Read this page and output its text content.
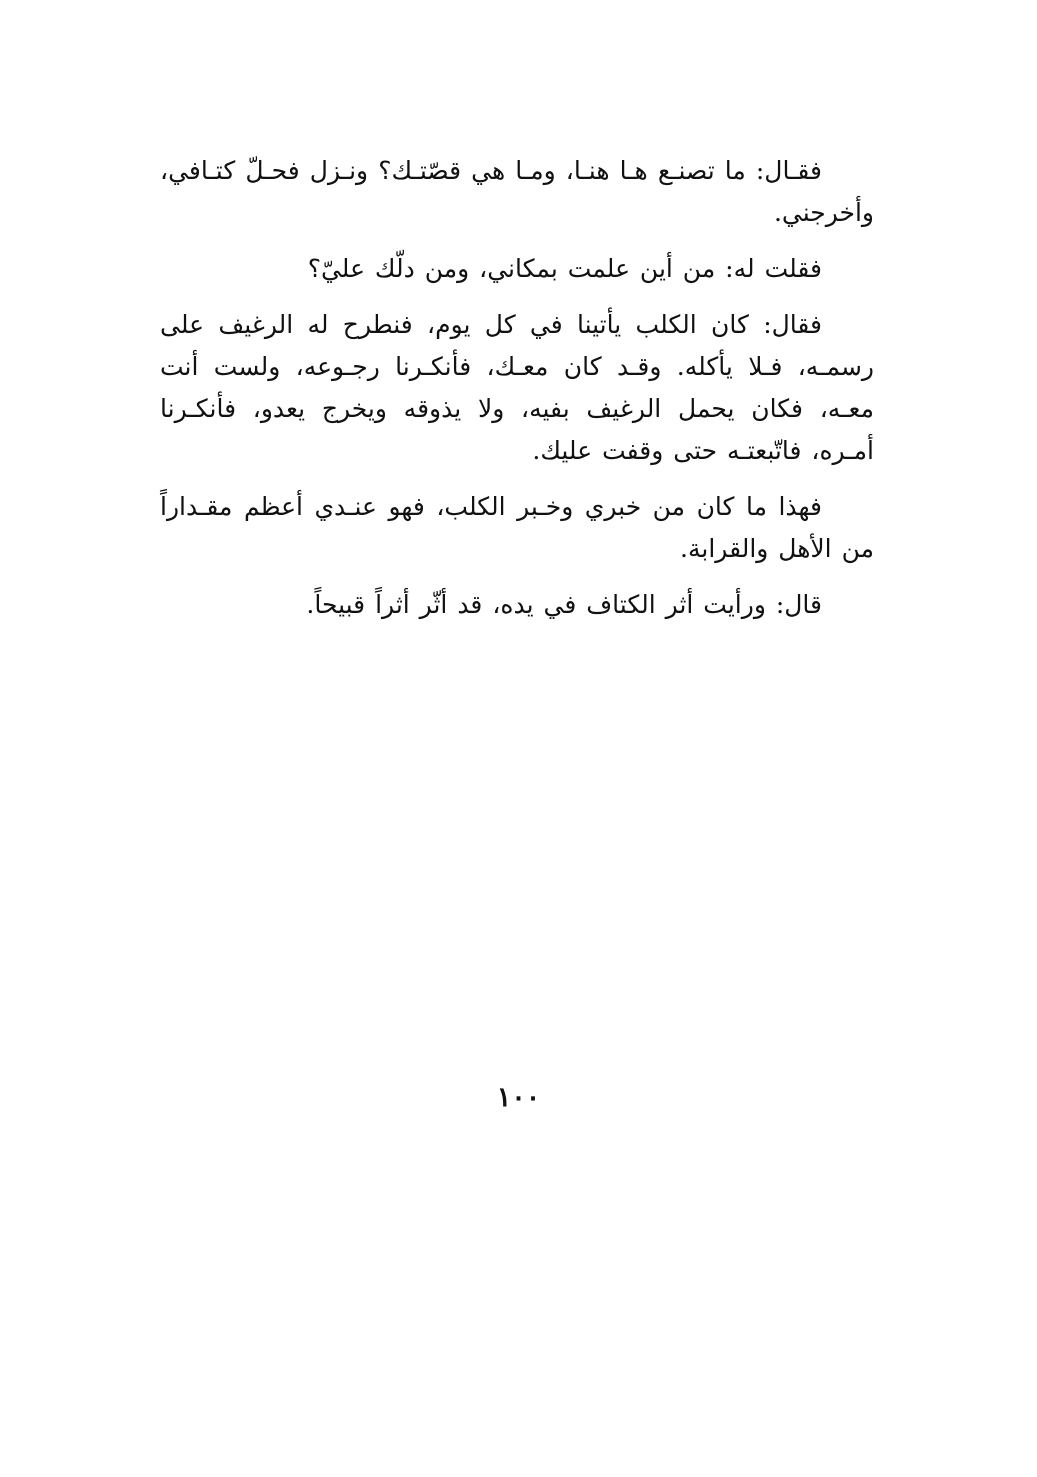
فقـال: ما تصنـع هـا هنـا، ومـا هي قصّتـك؟ ونـزل فحـلّ كتـافي، وأخرجني.

فقلت له: من أين علمت بمكاني، ومن دلّك عليّ؟

فقال: كان الكلب يأتينا في كل يوم، فنطرح له الرغيف على رسمـه، فـلا يأكله. وقـد كان معـك، فأنكـرنا رجـوعه، ولست أنت معـه، فكان يحمل الرغيف بفيه، ولا يذوقه ويخرج يعدو، فأنكـرنا أمـره، فاتّبعتـه حتى وقفت عليك.

فهذا ما كان من خبري وخـبر الكلب، فهو عنـدي أعظم مقـداراً من الأهل والقرابة.

قال: ورأيت أثر الكتاف في يده، قد أثّر أثراً قبيحاً.

١٠٠
